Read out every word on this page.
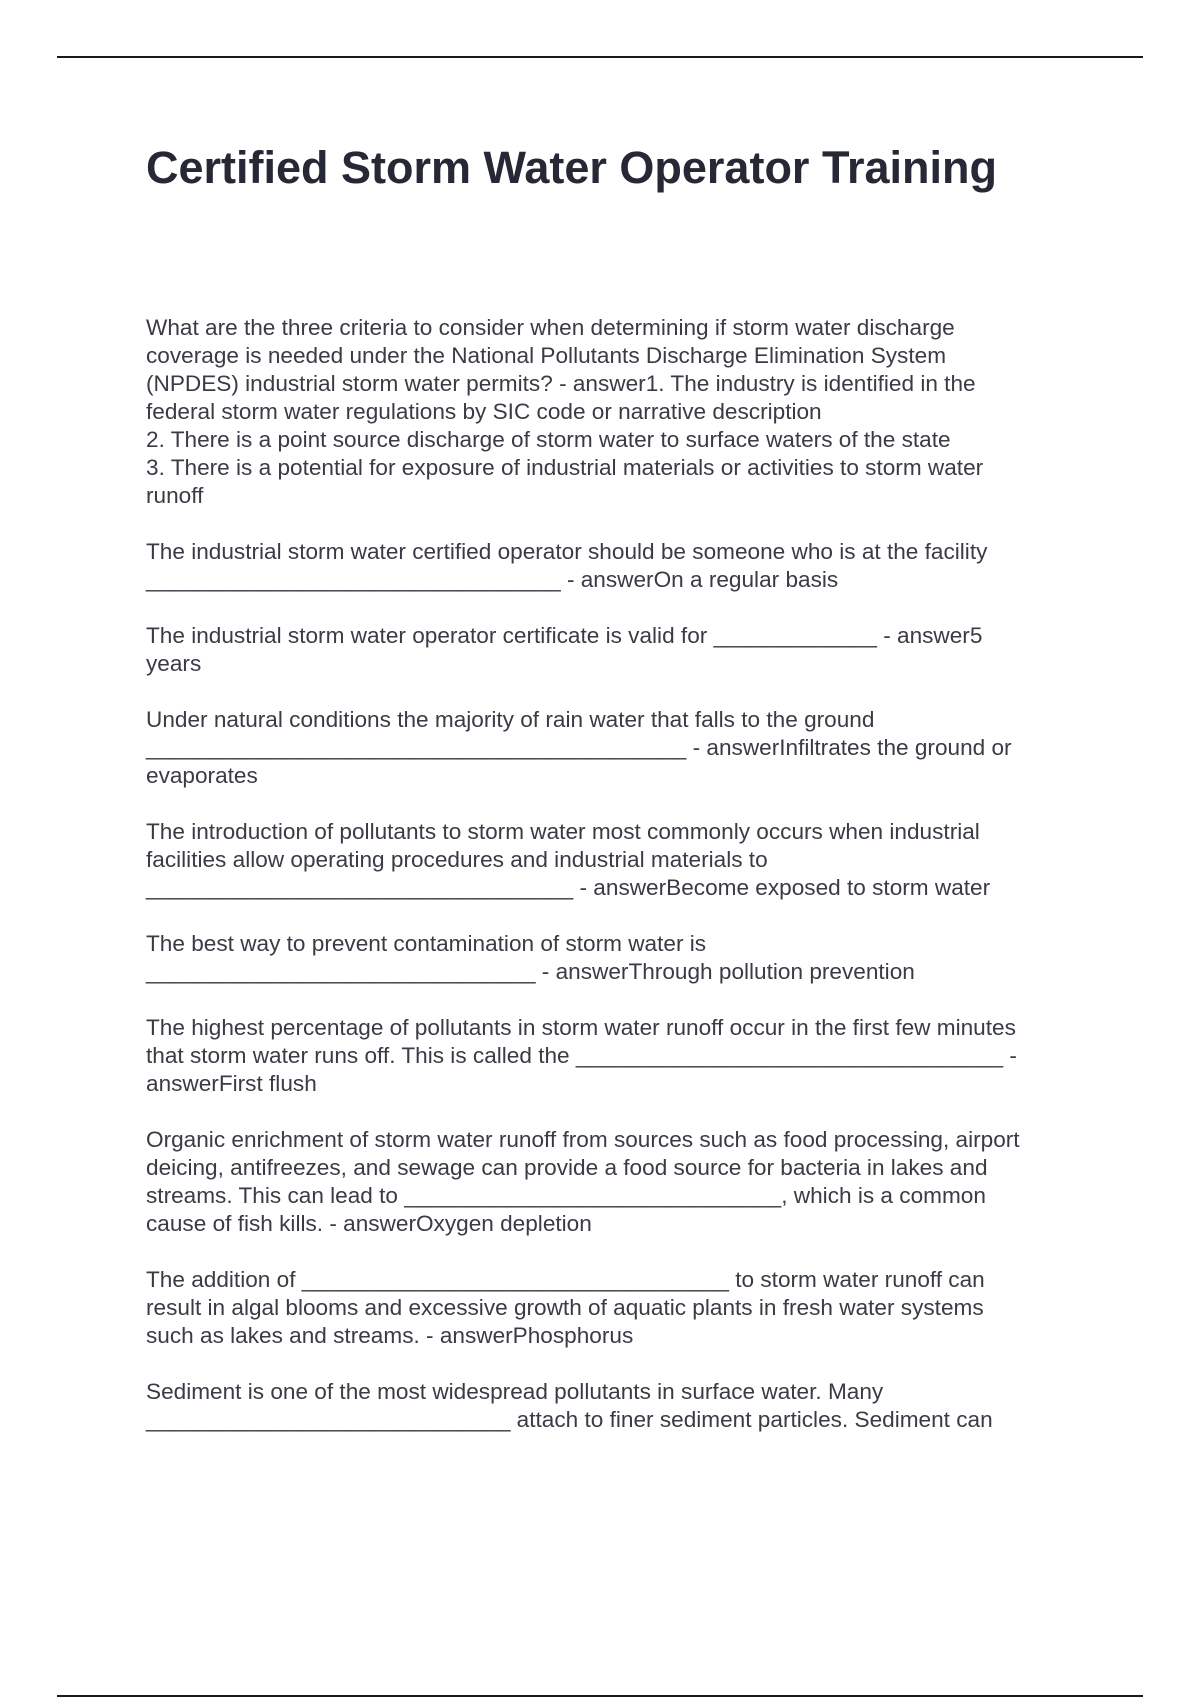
Certified Storm Water Operator Training

What are the three criteria to consider when determining if storm water discharge
coverage is needed under the National Pollutants Discharge Elimination System
(NPDES) industrial storm water permits? - answer1. The industry is identified in the
federal storm water regulations by SIC code or narrative description
2. There is a point source discharge of storm water to surface waters of the state
3. There is a potential for exposure of industrial materials or activities to storm water
runoff

The industrial storm water certified operator should be someone who is at the facility
_________________________________ - answerOn a regular basis

The industrial storm water operator certificate is valid for _____________ - answer5
years

Under natural conditions the majority of rain water that falls to the ground
___________________________________________ - answerInfiltrates the ground or
evaporates

The introduction of pollutants to storm water most commonly occurs when industrial
facilities allow operating procedures and industrial materials to
__________________________________ - answerBecome exposed to storm water

The best way to prevent contamination of storm water is
_______________________________ - answerThrough pollution prevention

The highest percentage of pollutants in storm water runoff occur in the first few minutes
that storm water runs off. This is called the __________________________________ -
answerFirst flush

Organic enrichment of storm water runoff from sources such as food processing, airport
deicing, antifreezes, and sewage can provide a food source for bacteria in lakes and
streams. This can lead to ______________________________, which is a common
cause of fish kills. - answerOxygen depletion

The addition of __________________________________ to storm water runoff can
result in algal blooms and excessive growth of aquatic plants in fresh water systems
such as lakes and streams. - answerPhosphorus

Sediment is one of the most widespread pollutants in surface water. Many
_____________________________ attach to finer sediment particles. Sediment can
